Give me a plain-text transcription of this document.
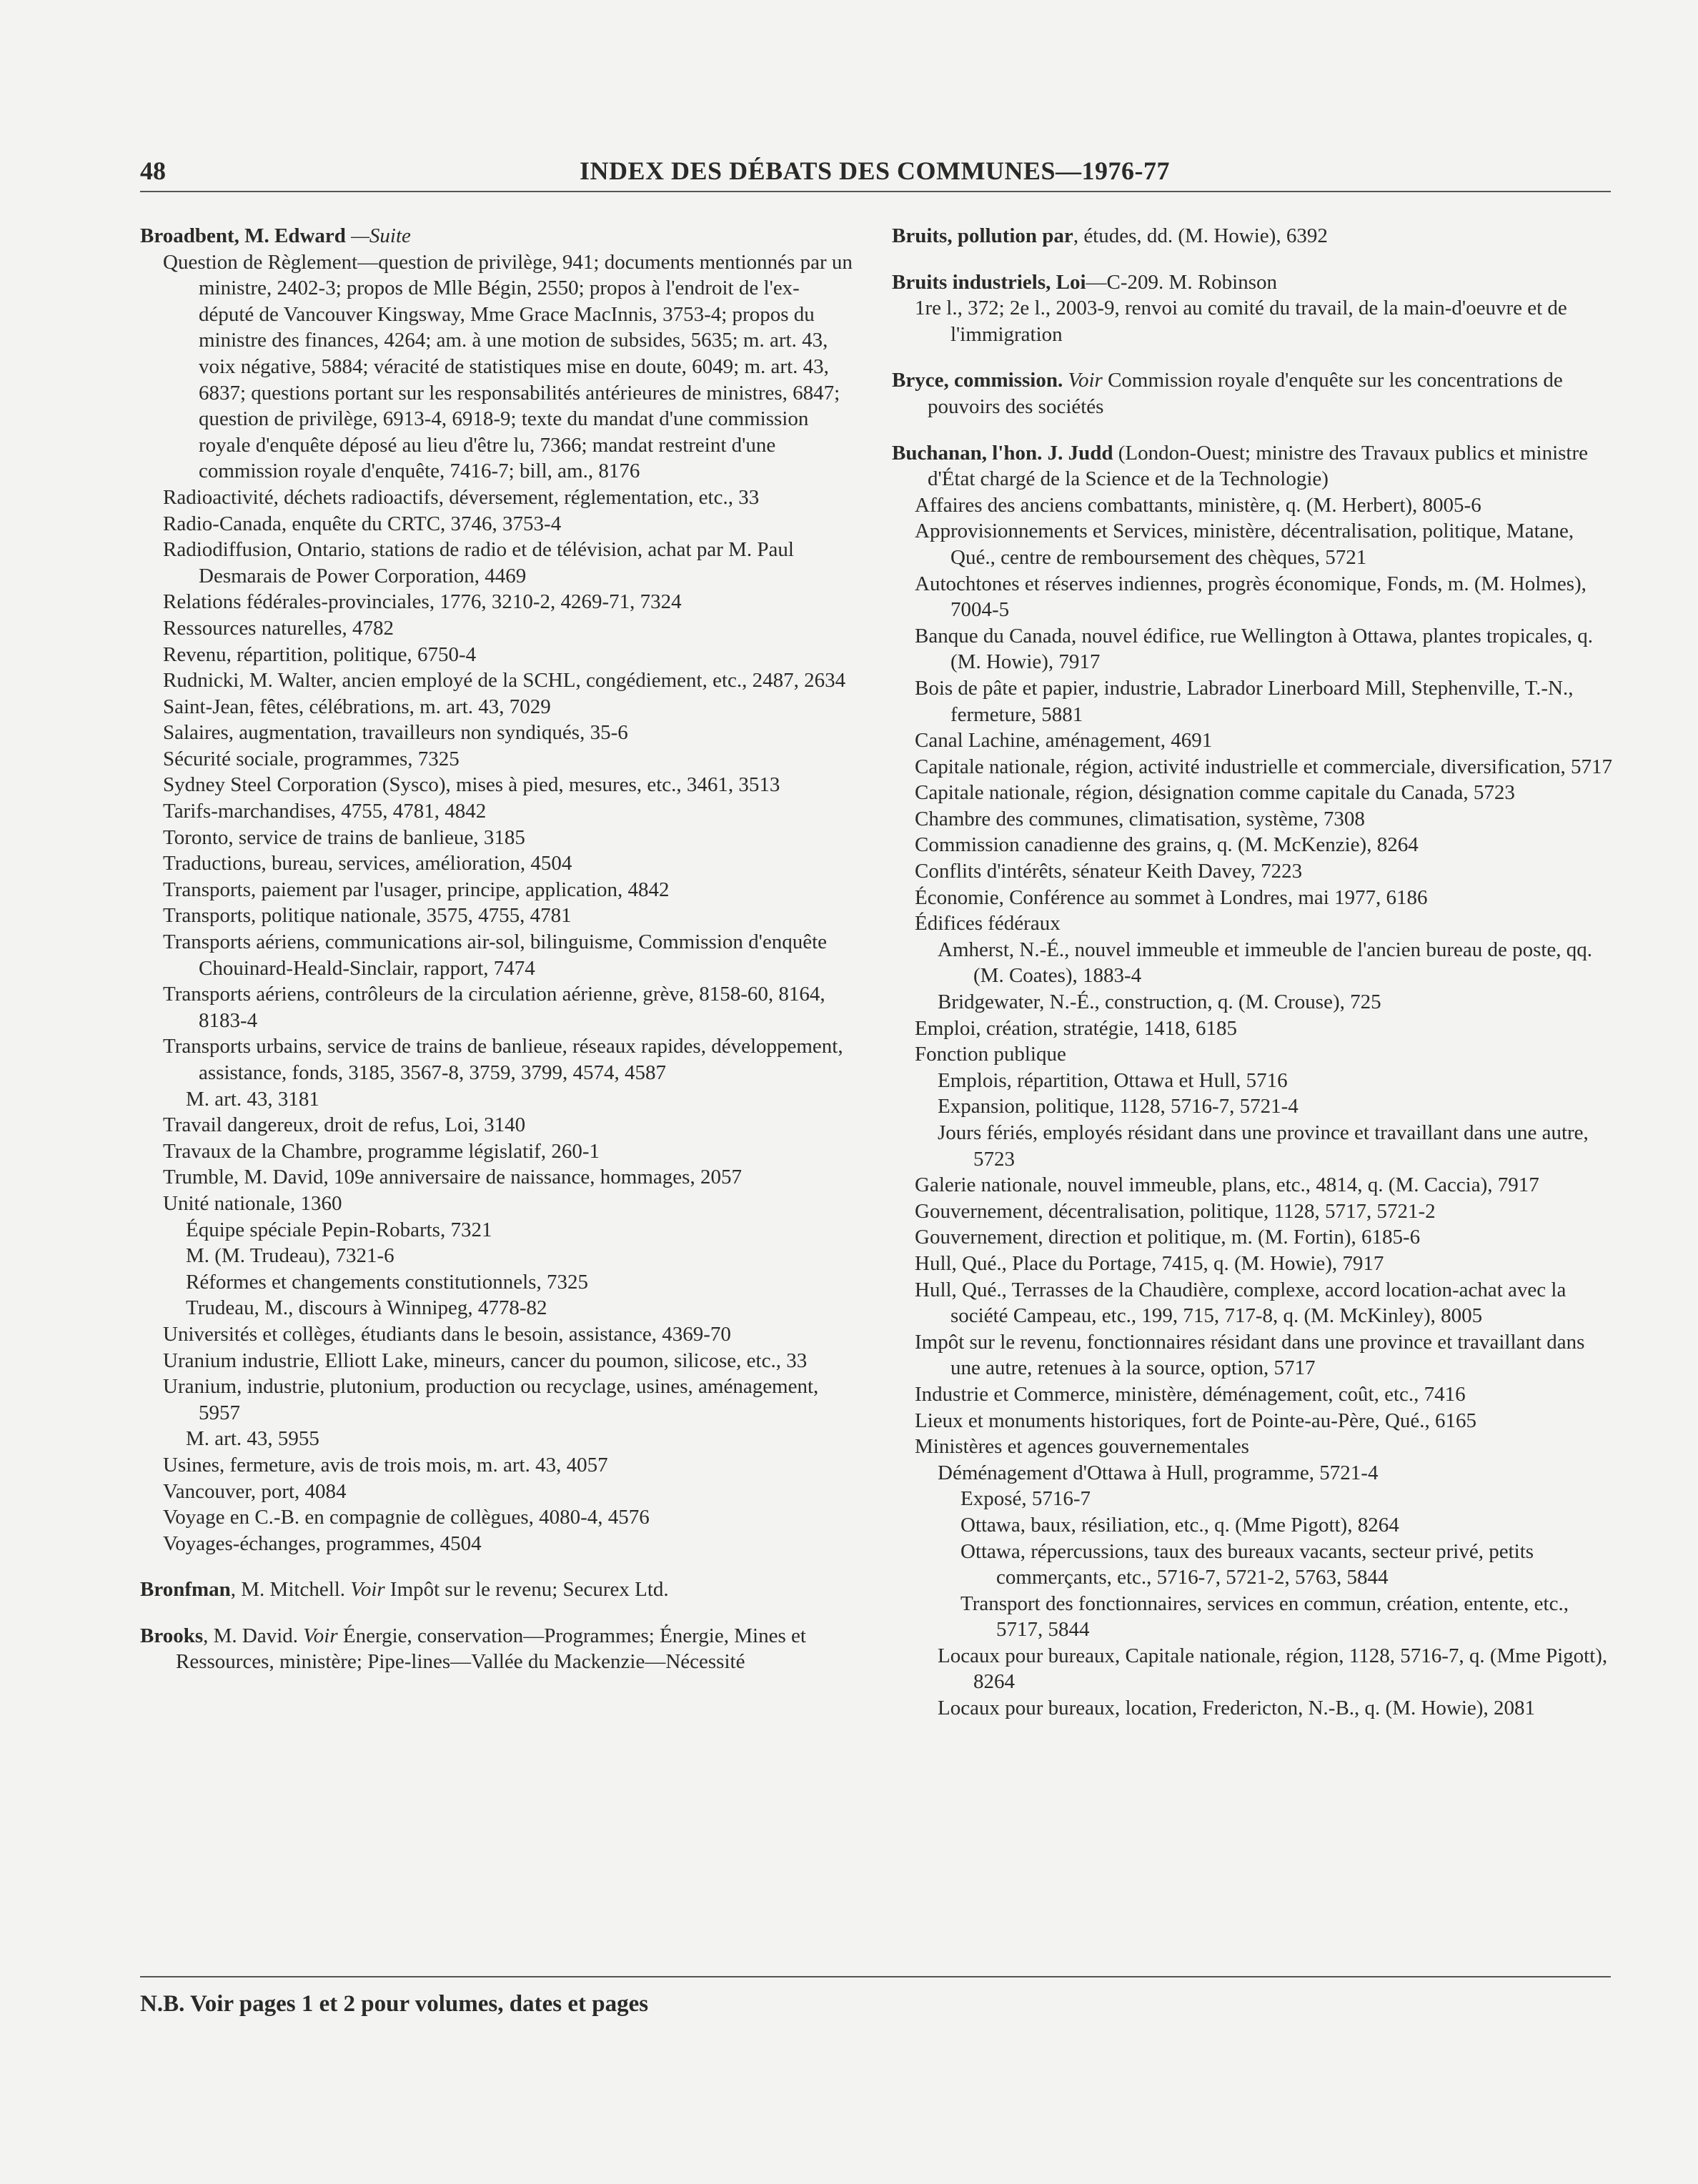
48	INDEX DES DÉBATS DES COMMUNES—1976-77
Broadbent, M. Edward —Suite
Question de Règlement—question de privilège, 941; documents mentionnés par un ministre, 2402-3; propos de Mlle Bégin, 2550; propos à l'endroit de l'ex-député de Vancouver Kingsway, Mme Grace MacInnis, 3753-4; propos du ministre des finances, 4264; am. à une motion de subsides, 5635; m. art. 43, voix négative, 5884; véracité de statistiques mise en doute, 6049; m. art. 43, 6837; questions portant sur les responsabilités antérieures de ministres, 6847; question de privilège, 6913-4, 6918-9; texte du mandat d'une commission royale d'enquête déposé au lieu d'être lu, 7366; mandat restreint d'une commission royale d'enquête, 7416-7; bill, am., 8176
Radioactivité, déchets radioactifs, déversement, réglementation, etc., 33
Radio-Canada, enquête du CRTC, 3746, 3753-4
Radiodiffusion, Ontario, stations de radio et de télévision, achat par M. Paul Desmarais de Power Corporation, 4469
Relations fédérales-provinciales, 1776, 3210-2, 4269-71, 7324
Ressources naturelles, 4782
Revenu, répartition, politique, 6750-4
Rudnicki, M. Walter, ancien employé de la SCHL, congédiement, etc., 2487, 2634
Saint-Jean, fêtes, célébrations, m. art. 43, 7029
Salaires, augmentation, travailleurs non syndiqués, 35-6
Sécurité sociale, programmes, 7325
Sydney Steel Corporation (Sysco), mises à pied, mesures, etc., 3461, 3513
Tarifs-marchandises, 4755, 4781, 4842
Toronto, service de trains de banlieue, 3185
Traductions, bureau, services, amélioration, 4504
Transports, paiement par l'usager, principe, application, 4842
Transports, politique nationale, 3575, 4755, 4781
Transports aériens, communications air-sol, bilinguisme, Commission d'enquête Chouinard-Heald-Sinclair, rapport, 7474
Transports aériens, contrôleurs de la circulation aérienne, grève, 8158-60, 8164, 8183-4
Transports urbains, service de trains de banlieue, réseaux rapides, développement, assistance, fonds, 3185, 3567-8, 3759, 3799, 4574, 4587
M. art. 43, 3181
Travail dangereux, droit de refus, Loi, 3140
Travaux de la Chambre, programme législatif, 260-1
Trumble, M. David, 109e anniversaire de naissance, hommages, 2057
Unité nationale, 1360
Équipe spéciale Pepin-Robarts, 7321
M. (M. Trudeau), 7321-6
Réformes et changements constitutionnels, 7325
Trudeau, M., discours à Winnipeg, 4778-82
Universités et collèges, étudiants dans le besoin, assistance, 4369-70
Uranium industrie, Elliott Lake, mineurs, cancer du poumon, silicose, etc., 33
Uranium, industrie, plutonium, production ou recyclage, usines, aménagement, 5957
M. art. 43, 5955
Usines, fermeture, avis de trois mois, m. art. 43, 4057
Vancouver, port, 4084
Voyage en C.-B. en compagnie de collègues, 4080-4, 4576
Voyages-échanges, programmes, 4504
Bronfman, M. Mitchell. Voir Impôt sur le revenu; Securex Ltd.
Brooks, M. David. Voir Énergie, conservation—Programmes; Énergie, Mines et Ressources, ministère; Pipe-lines—Vallée du Mackenzie—Nécessité
Bruits, pollution par, études, dd. (M. Howie), 6392
Bruits industriels, Loi—C-209. M. Robinson
1re l., 372; 2e l., 2003-9, renvoi au comité du travail, de la main-d'oeuvre et de l'immigration
Bryce, commission. Voir Commission royale d'enquête sur les concentrations de pouvoirs des sociétés
Buchanan, l'hon. J. Judd (London-Ouest; ministre des Travaux publics et ministre d'État chargé de la Science et de la Technologie)
Affaires des anciens combattants, ministère, q. (M. Herbert), 8005-6
Approvisionnements et Services, ministère, décentralisation, politique, Matane, Qué., centre de remboursement des chèques, 5721
Autochtones et réserves indiennes, progrès économique, Fonds, m. (M. Holmes), 7004-5
Banque du Canada, nouvel édifice, rue Wellington à Ottawa, plantes tropicales, q. (M. Howie), 7917
Bois de pâte et papier, industrie, Labrador Linerboard Mill, Stephenville, T.-N., fermeture, 5881
Canal Lachine, aménagement, 4691
Capitale nationale, région, activité industrielle et commerciale, diversification, 5717
Capitale nationale, région, désignation comme capitale du Canada, 5723
Chambre des communes, climatisation, système, 7308
Commission canadienne des grains, q. (M. McKenzie), 8264
Conflits d'intérêts, sénateur Keith Davey, 7223
Économie, Conférence au sommet à Londres, mai 1977, 6186
Édifices fédéraux
Amherst, N.-É., nouvel immeuble et immeuble de l'ancien bureau de poste, qq. (M. Coates), 1883-4
Bridgewater, N.-É., construction, q. (M. Crouse), 725
Emploi, création, stratégie, 1418, 6185
Fonction publique
Emplois, répartition, Ottawa et Hull, 5716
Expansion, politique, 1128, 5716-7, 5721-4
Jours fériés, employés résidant dans une province et travaillant dans une autre, 5723
Galerie nationale, nouvel immeuble, plans, etc., 4814, q. (M. Caccia), 7917
Gouvernement, décentralisation, politique, 1128, 5717, 5721-2
Gouvernement, direction et politique, m. (M. Fortin), 6185-6
Hull, Qué., Place du Portage, 7415, q. (M. Howie), 7917
Hull, Qué., Terrasses de la Chaudière, complexe, accord location-achat avec la société Campeau, etc., 199, 715, 717-8, q. (M. McKinley), 8005
Impôt sur le revenu, fonctionnaires résidant dans une province et travaillant dans une autre, retenues à la source, option, 5717
Industrie et Commerce, ministère, déménagement, coût, etc., 7416
Lieux et monuments historiques, fort de Pointe-au-Père, Qué., 6165
Ministères et agences gouvernementales
Déménagement d'Ottawa à Hull, programme, 5721-4
Exposé, 5716-7
Ottawa, baux, résiliation, etc., q. (Mme Pigott), 8264
Ottawa, répercussions, taux des bureaux vacants, secteur privé, petits commerçants, etc., 5716-7, 5721-2, 5763, 5844
Transport des fonctionnaires, services en commun, création, entente, etc., 5717, 5844
Locaux pour bureaux, Capitale nationale, région, 1128, 5716-7, q. (Mme Pigott), 8264
Locaux pour bureaux, location, Fredericton, N.-B., q. (M. Howie), 2081
N.B. Voir pages 1 et 2 pour volumes, dates et pages
